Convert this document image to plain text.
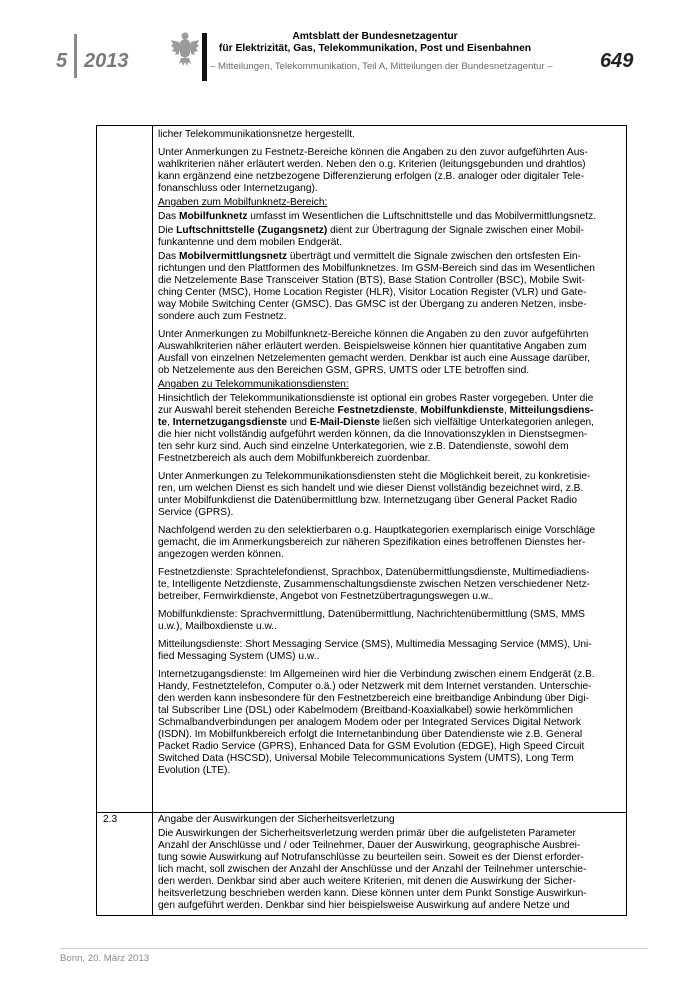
5 2013
Amtsblatt der Bundesnetzagentur
für Elektrizität, Gas, Telekommunikation, Post und Eisenbahnen
– Mitteilungen, Telekommunikation, Teil A, Mitteilungen der Bundesnetzagentur – 649
licher Telekommunikationsnetze hergestellt.
Unter Anmerkungen zu Festnetz-Bereiche können die Angaben zu den zuvor aufgeführten Aus-
wahlkriterien näher erläutert werden. Neben den o.g. Kriterien (leitungsgebunden und drahtlos)
kann ergänzend eine netzbezogene Differenzierung erfolgen (z.B. analoger oder digitaler Tele-
fonanschluss oder Internetzugang).
Angaben zum Mobilfunknetz-Bereich:
Das Mobilfunknetz umfasst im Wesentlichen die Luftschnittstelle und das Mobilvermittlungsnetz.
Die Luftschnittstelle (Zugangsnetz) dient zur Übertragung der Signale zwischen einer Mobil-
funkantenne und dem mobilen Endgerät.
Das Mobilvermittlungsnetz überträgt und vermittelt die Signale zwischen den ortsfesten Ein-
richtungen und den Plattformen des Mobilfunknetzes. Im GSM-Bereich sind das im Wesentlichen
die Netzelemente Base Transceiver Station (BTS), Base Station Controller (BSC), Mobile Swit-
ching Center (MSC), Home Location Register (HLR), Visitor Location Register (VLR) und Gate-
way Mobile Switching Center (GMSC). Das GMSC ist der Übergang zu anderen Netzen, insbe-
sondere auch zum Festnetz.
Unter Anmerkungen zu Mobilfunknetz-Bereiche können die Angaben zu den zuvor aufgeführten
Auswahlkriterien näher erläutert werden. Beispielsweise können hier quantitative Angaben zum
Ausfall von einzelnen Netzelementen gemacht werden. Denkbar ist auch eine Aussage darüber,
ob Netzelemente aus den Bereichen GSM, GPRS, UMTS oder LTE betroffen sind.
Angaben zu Telekommunikationsdiensten:
Hinsichtlich der Telekommunikationsdienste ist optional ein grobes Raster vorgegeben. Unter die
zur Auswahl bereit stehenden Bereiche Festnetzdienste, Mobilfunkdienste, Mitteilungsdiens-
te, Internetzugangsdienste und E-Mail-Dienste ließen sich vielfältige Unterkategorien anlegen,
die hier nicht vollständig aufgeführt werden können, da die Innovationszyklen in Dienstsegmen-
ten sehr kurz sind. Auch sind einzelne Unterkategorien, wie z.B. Datendienste, sowohl dem
Festnetzbereich als auch dem Mobilfunkbereich zuordenbar.
Unter Anmerkungen zu Telekommunikationsdiensten steht die Möglichkeit bereit, zu konkretisie-
ren, um welchen Dienst es sich handelt und wie dieser Dienst vollständig bezeichnet wird, z.B.
unter Mobilfunkdienst die Datenübermittlung bzw. Internetzugang über General Packet Radio
Service (GPRS).
Nachfolgend werden zu den selektierbaren o.g. Hauptkategorien exemplarisch einige Vorschläge
gemacht, die im Anmerkungsbereich zur näheren Spezifikation eines betroffenen Dienstes her-
angezogen werden können.
Festnetzdienste: Sprachtelefondienst, Sprachbox, Datenübermittlungsdienste, Multimediadiens-
te, Intelligente Netzdienste, Zusammenschaltungsdienste zwischen Netzen verschiedener Netz-
betreiber, Fernwirkdienste, Angebot von Festnetzübertragungswegen u.w..
Mobilfunkdienste: Sprachvermittlung, Datenübermittlung, Nachrichtenübermittlung (SMS, MMS
u.w.), Mailboxdienste u.w..
Mitteilungsdienste: Short Messaging Service (SMS), Multimedia Messaging Service (MMS), Uni-
fied Messaging System (UMS) u.w..
Internetzugangsdienste: Im Allgemeinen wird hier die Verbindung zwischen einem Endgerät (z.B.
Handy, Festnetztelefon, Computer o.ä.) oder Netzwerk mit dem Internet verstanden. Unterschie-
den werden kann insbesondere für den Festnetzbereich eine breitbandige Anbindung über Digi-
tal Subscriber Line (DSL) oder Kabelmodem (Breitband-Koaxialkabel) sowie herkömmlichen
Schmalbandverbindungen per analogem Modem oder per Integrated Services Digital Network
(ISDN). Im Mobilfunkbereich erfolgt die Internetanbindung über Datendienste wie z.B. General
Packet Radio Service (GPRS), Enhanced Data for GSM Evolution (EDGE), High Speed Circuit
Switched Data (HSCSD), Universal Mobile Telecommunications System (UMTS), Long Term
Evolution (LTE).
2.3	Angabe der Auswirkungen der Sicherheitsverletzung
Die Auswirkungen der Sicherheitsverletzung werden primär über die aufgelisteten Parameter
Anzahl der Anschlüsse und / oder Teilnehmer, Dauer der Auswirkung, geographische Ausbrei-
tung sowie Auswirkung auf Notrufanschlüsse zu beurteilen sein. Soweit es der Dienst erforder-
lich macht, soll zwischen der Anzahl der Anschlüsse und der Anzahl der Teilnehmer unterschie-
den werden. Denkbar sind aber auch weitere Kriterien, mit denen die Auswirkung der Sicher-
heitsverletzung beschrieben werden kann. Diese können unter dem Punkt Sonstige Auswirkun-
gen aufgeführt werden. Denkbar sind hier beispielsweise Auswirkung auf andere Netze und
Bonn, 20. März 2013
